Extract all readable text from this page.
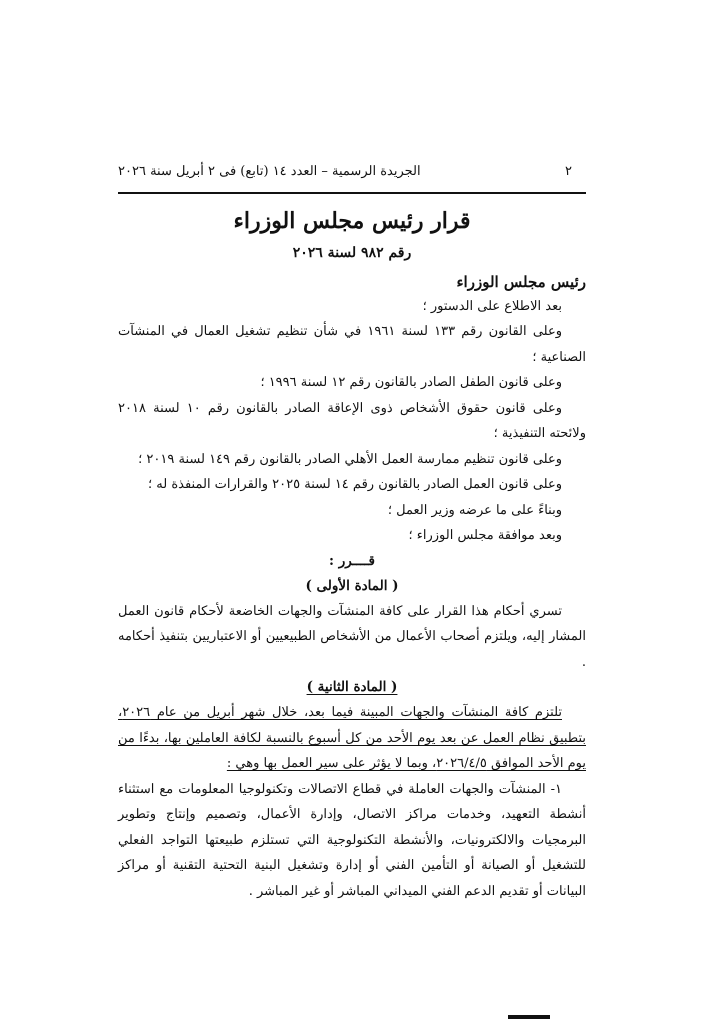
٢
الجريدة الرسمية – العدد ١٤ (تابع) فى ٢ أبريل سنة ٢٠٢٦

قرار رئيس مجلس الوزراء

رقم ٩٨٢ لسنة ٢٠٢٦

رئيس مجلس الوزراء

بعد الاطلاع على الدستور ؛

وعلى القانون رقم ١٣٣ لسنة ١٩٦١ في شأن تنظيم تشغيل العمال في المنشآت الصناعية ؛

وعلى قانون الطفل الصادر بالقانون رقم ١٢ لسنة ١٩٩٦ ؛

وعلى قانون حقوق الأشخاص ذوى الإعاقة الصادر بالقانون رقم ١٠ لسنة ٢٠١٨ ولائحته التنفيذية ؛

وعلى قانون تنظيم ممارسة العمل الأهلي الصادر بالقانون رقم ١٤٩ لسنة ٢٠١٩ ؛

وعلى قانون العمل الصادر بالقانون رقم ١٤ لسنة ٢٠٢٥ والقرارات المنفذة له ؛

وبناءً على ما عرضه وزير العمل ؛

وبعد موافقة مجلس الوزراء ؛

قــــرر :

( المادة الأولى )

تسري أحكام هذا القرار على كافة المنشآت والجهات الخاضعة لأحكام قانون العمل المشار إليه، ويلتزم أصحاب الأعمال من الأشخاص الطبيعيين أو الاعتباريين بتنفيذ أحكامه .

( المادة الثانية )

تلتزم كافة المنشآت والجهات المبينة فيما بعد، خلال شهر أبريل من عام ٢٠٢٦، بتطبيق نظام العمل عن بعد يوم الأحد من كل أسبوع بالنسبة لكافة العاملين بها، بدءًا من يوم الأحد الموافق ٢٠٢٦/٤/٥، وبما لا يؤثر على سير العمل بها وهي :

١- المنشآت والجهات العاملة في قطاع الاتصالات وتكنولوجيا المعلومات مع استثناء أنشطة التعهيد، وخدمات مراكز الاتصال، وإدارة الأعمال، وتصميم وإنتاج وتطوير البرمجيات والالكترونيات، والأنشطة التكنولوجية التي تستلزم طبيعتها التواجد الفعلي للتشغيل أو الصيانة أو التأمين الفني أو إدارة وتشغيل البنية التحتية التقنية أو مراكز البيانات أو تقديم الدعم الفني الميداني المباشر أو غير المباشر .
